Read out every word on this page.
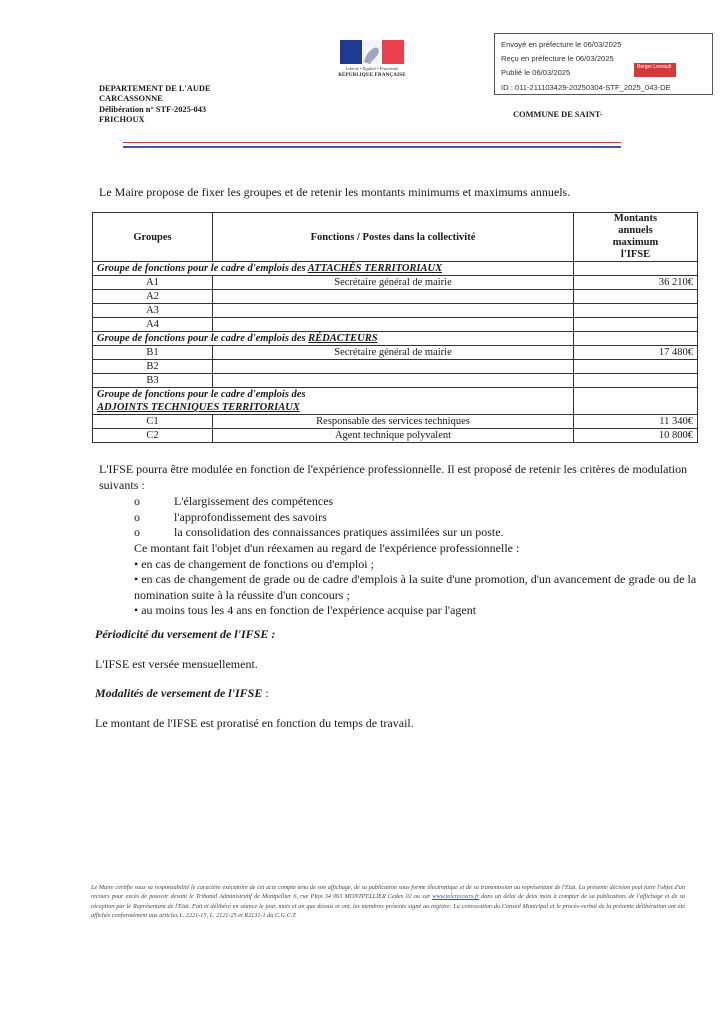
Liberté • Égalité • Fraternité
RÉPUBLIQUE FRANÇAISE
Envoyé en préfecture le 06/03/2025
Reçu en préfecture le 06/03/2025
Publié le 06/03/2025
ID : 011-211103429-20250304-STF_2025_043-DE
Berger Levrault
DEPARTEMENT DE L'AUDE
CARCASSONNE
Délibération n° STF-2025-043
FRICHOUX
COMMUNE DE SAINT-
Le Maire propose de fixer les groupes et de retenir les montants minimums et maximums annuels.
Groupes	Fonctions / Postes dans la collectivité	Montants
annuels
maximum
l'IFSE
Groupe de fonctions pour le cadre d'emplois des ATTACHÉS TERRITORIAUX		
A1	Secrétaire général de mairie	36 210€
A2		
A3		
A4		
Groupe de fonctions pour le cadre d'emplois des RÉDACTEURS		
B1	Secrétaire général de mairie	17 480€
B2		
B3		
Groupe de fonctions pour le cadre d'emplois des
ADJOINTS TECHNIQUES TERRITORIAUX		
C1	Responsable des services techniques	11 340€
C2	Agent technique polyvalent	10 800€
L'IFSE pourra être modulée en fonction de l'expérience professionnelle. Il est proposé de retenir les critères de modulation suivants :
o	L'élargissement des compétences
o	l'approfondissement des savoirs
o	la consolidation des connaissances pratiques assimilées sur un poste.
Ce montant fait l'objet d'un réexamen au regard de l'expérience professionnelle :
• en cas de changement de fonctions ou d'emploi ;
• en cas de changement de grade ou de cadre d'emplois à la suite d'une promotion, d'un avancement de grade ou de la nomination suite à la réussite d'un concours ;
• au moins tous les 4 ans en fonction de l'expérience acquise par l'agent
Périodicité du versement de l'IFSE :
L'IFSE est versée mensuellement.
Modalités de versement de l'IFSE :
Le montant de l'IFSE est proratisé en fonction du temps de travail.
Le Maire certifie sous sa responsabilité le caractère exécutoire de cet acte compte tenu de son affichage, de sa publication sous forme électronique et de sa transmission au représentant de l'Etat. La présente décision peut faire l'objet d'un recours pour excès de pouvoir devant le Tribunal Administratif de Montpellier 6, rue Pitot 34 063 MONTPELLIER Cedex 02 ou sur www.telerecours.fr dans un délai de deux mois à compter de sa publication, de l'affichage et de sa réception par le Représentant de l'Etat. Fait et délibéré en séance le jour, mois et an que dessus et ont, les membres présents signé au registre. La convocation du Conseil Municipal et le procès-verbal de la présente délibération ont été affichés conformément aux articles L. 2221-15, L. 2121-25 et R2131-1 du C.G.C.T.
